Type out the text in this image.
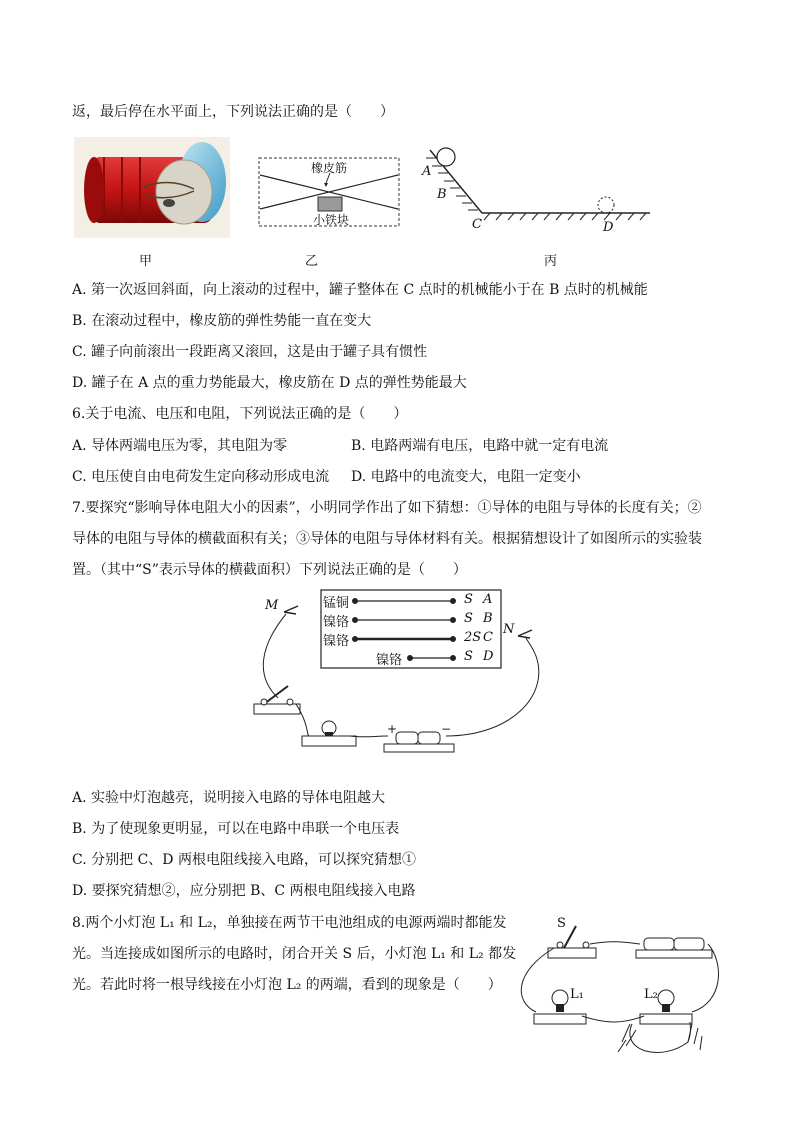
返，最后停在水平面上，下列说法正确的是（　　）
橡皮筋
小铁块
A
B
C	D
甲	乙	丙
A. 第一次返回斜面，向上滚动的过程中，罐子整体在 C 点时的机械能小于在 B 点时的机械能
B. 在滚动过程中，橡皮筋的弹性势能一直在变大
C. 罐子向前滚出一段距离又滚回，这是由于罐子具有惯性
D. 罐子在 A 点的重力势能最大，橡皮筋在 D 点的弹性势能最大
6.关于电流、电压和电阻，下列说法正确的是（　　）
A. 导体两端电压为零，其电阻为零	B. 电路两端有电压，电路中就一定有电流
C. 电压使自由电荷发生定向移动形成电流 D. 电路中的电流变大，电阻一定变小
7.要探究“影响导体电阻大小的因素”，小明同学作出了如下猜想：①导体的电阻与导体的长度有关；②
导体的电阻与导体的横截面积有关；③导体的电阻与导体材料有关。根据猜想设计了如图所示的实验装
置。（其中“S”表示导体的横截面积）下列说法正确的是（　　）
锰铜
镍铬
镍铬
镍铬
S
S
2S
S
A
B
C
D
M
N
+	−
A. 实验中灯泡越亮，说明接入电路的导体电阻越大
B. 为了使现象更明显，可以在电路中串联一个电压表
C. 分别把 C、D 两根电阻线接入电路，可以探究猜想①
D. 要探究猜想②，应分别把 B、C 两根电阻线接入电路
8.两个小灯泡 L₁ 和 L₂，单独接在两节干电池组成的电源两端时都能发
光。当连接成如图所示的电路时，闭合开关 S 后，小灯泡 L₁ 和 L₂ 都发
光。若此时将一根导线接在小灯泡 L₂ 的两端，看到的现象是（　　）
S
L₁	L₂
